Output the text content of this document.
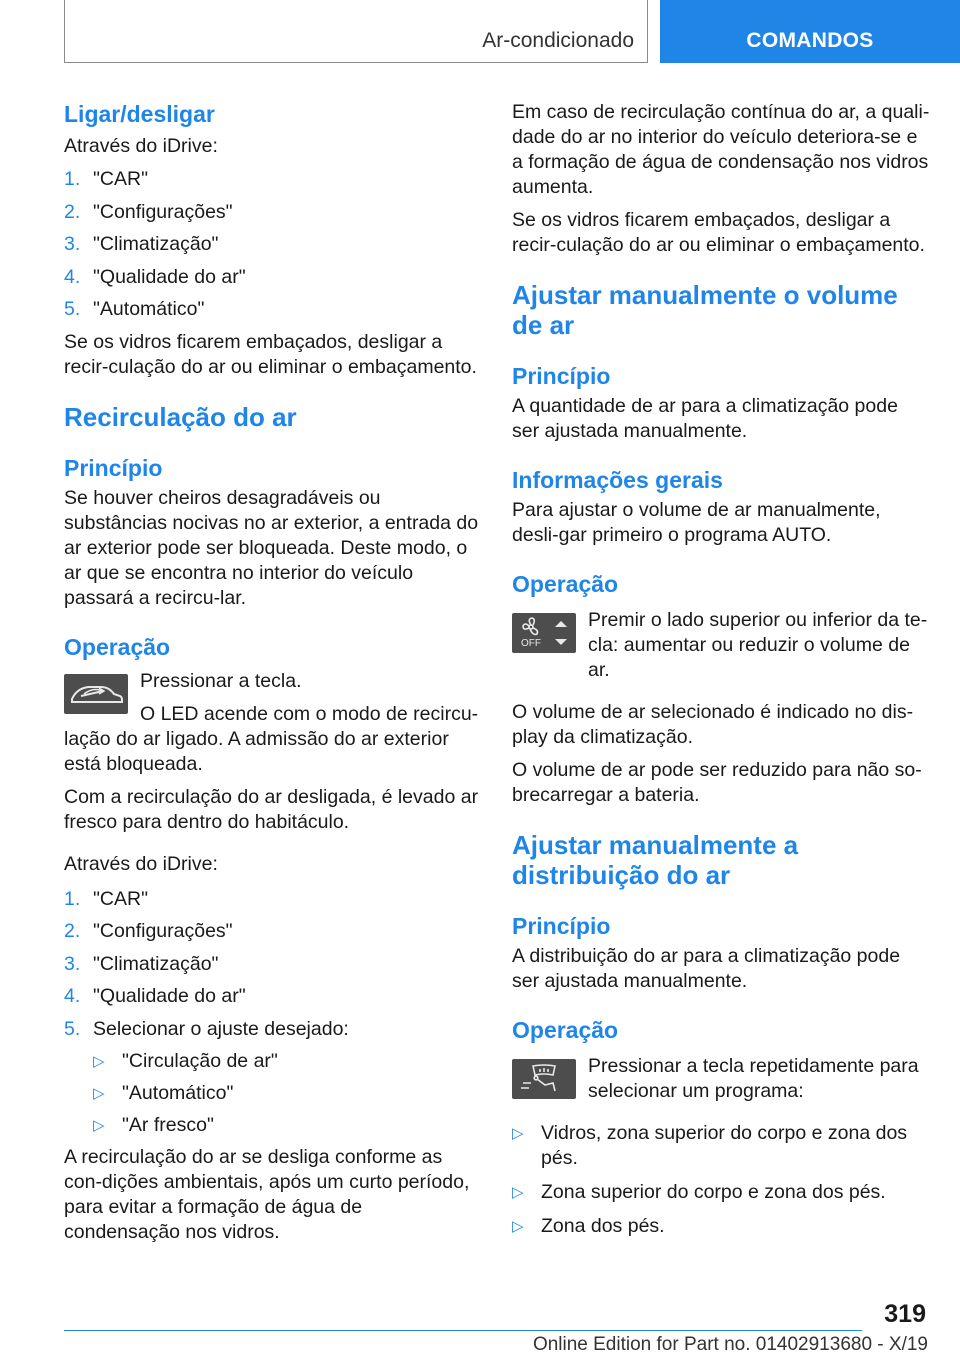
Ar-condicionado	COMANDOS
Ligar/desligar

Através do iDrive:

1. "CAR"
2. "Configurações"
3. "Climatização"
4. "Qualidade do ar"
5. "Automático"

Se os vidros ficarem embaçados, desligar a recir-culação do ar ou eliminar o embaçamento.

Recirculação do ar
Princípio

Se houver cheiros desagradáveis ou substâncias nocivas no ar exterior, a entrada do ar exterior pode ser bloqueada. Deste modo, o ar que se encontra no interior do veículo passará a recircu-lar.

Operação

Pressionar a tecla.

O LED acende com o modo de recircu-lação do ar ligado. A admissão do ar exterior está bloqueada.

Com a recirculação do ar desligada, é levado ar fresco para dentro do habitáculo.

Através do iDrive:

1. "CAR"
2. "Configurações"
3. "Climatização"
4. "Qualidade do ar"
5. Selecionar o ajuste desejado:
▷ "Circulação de ar"
▷ "Automático"
▷ "Ar fresco"

A recirculação do ar se desliga conforme as con-dições ambientais, após um curto período, para evitar a formação de água de condensação nos vidros.

Em caso de recirculação contínua do ar, a quali-dade do ar no interior do veículo deteriora-se e a formação de água de condensação nos vidros aumenta.

Se os vidros ficarem embaçados, desligar a recir-culação do ar ou eliminar o embaçamento.

Ajustar manualmente o volume de ar
Princípio

A quantidade de ar para a climatização pode ser ajustada manualmente.

Informações gerais

Para ajustar o volume de ar manualmente, desli-gar primeiro o programa AUTO.

Operação
OFF

Premir o lado superior ou inferior da te-cla: aumentar ou reduzir o volume de ar.

O volume de ar selecionado é indicado no dis-play da climatização.

O volume de ar pode ser reduzido para não so-brecarregar a bateria.

Ajustar manualmente a distribuição do ar
Princípio

A distribuição do ar para a climatização pode ser ajustada manualmente.

Operação

Pressionar a tecla repetidamente para selecionar um programa:

▷ Vidros, zona superior do corpo e zona dos pés.
▷ Zona superior do corpo e zona dos pés.
▷ Zona dos pés.
319
Online Edition for Part no. 01402913680 - X/19
